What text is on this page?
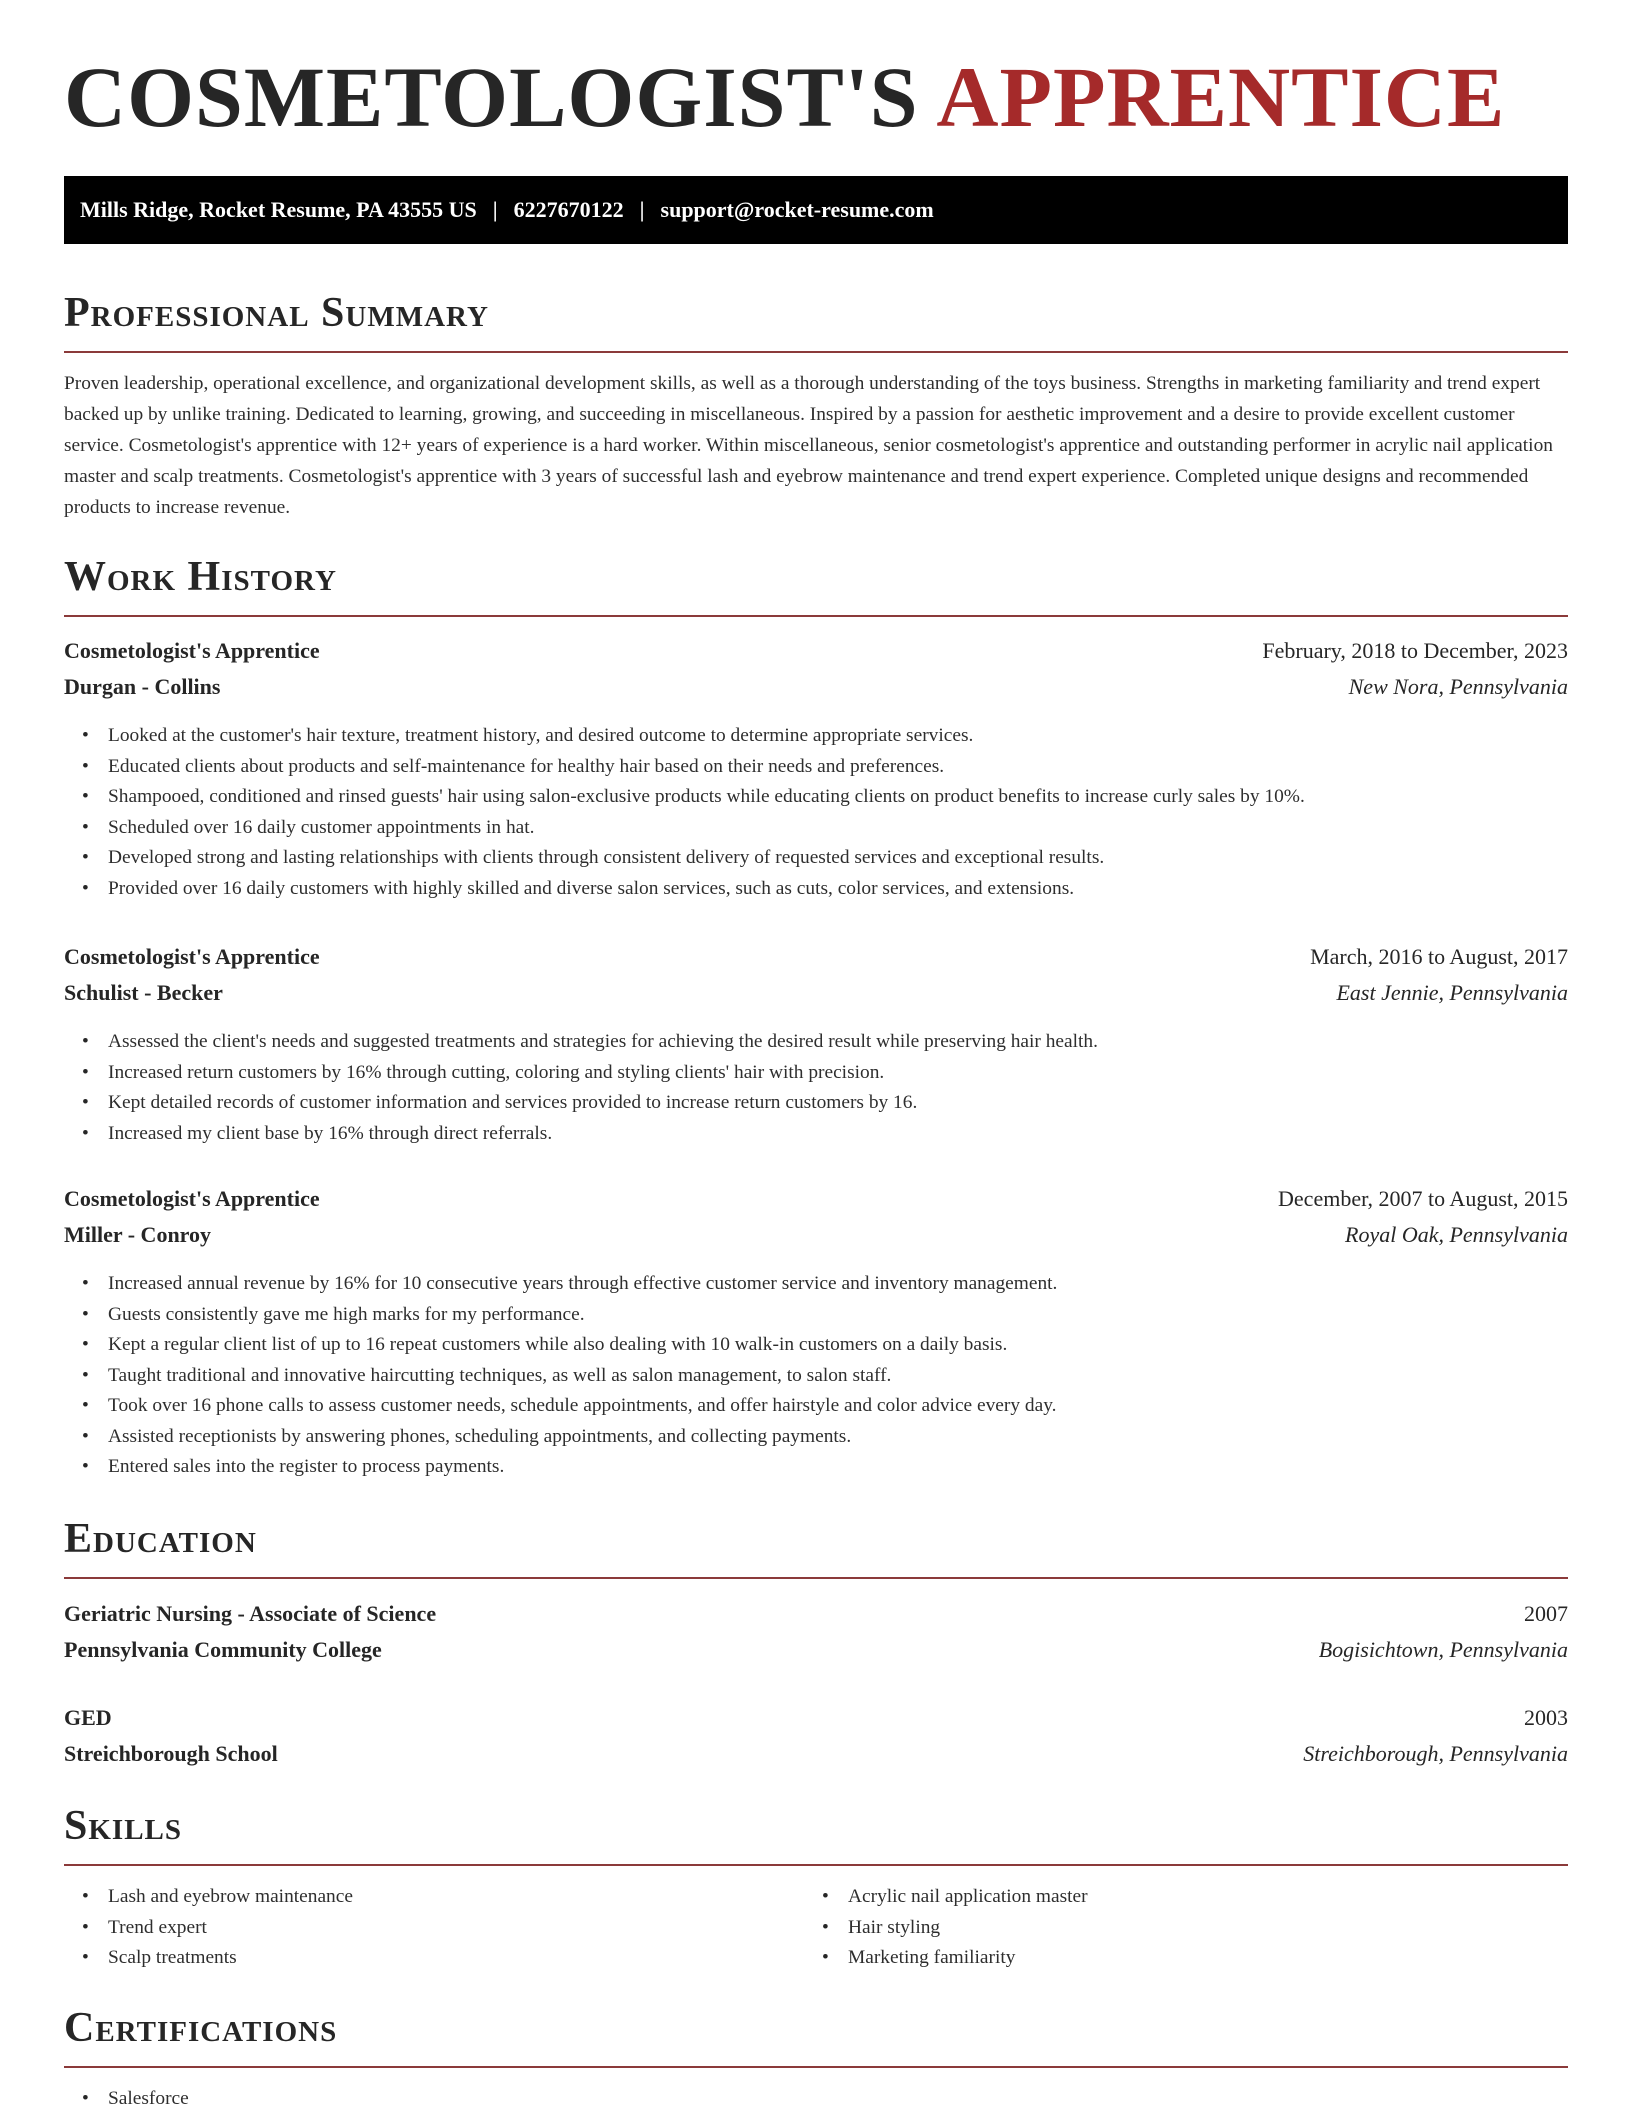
COSMETOLOGIST'S APPRENTICE
Mills Ridge, Rocket Resume, PA 43555 US | 6227670122 | support@rocket-resume.com
Professional Summary

Proven leadership, operational excellence, and organizational development skills, as well as a thorough understanding of the toys business. Strengths in marketing familiarity and trend expert backed up by unlike training. Dedicated to learning, growing, and succeeding in miscellaneous. Inspired by a passion for aesthetic improvement and a desire to provide excellent customer service. Cosmetologist's apprentice with 12+ years of experience is a hard worker. Within miscellaneous, senior cosmetologist's apprentice and outstanding performer in acrylic nail application master and scalp treatments. Cosmetologist's apprentice with 3 years of successful lash and eyebrow maintenance and trend expert experience. Completed unique designs and recommended products to increase revenue.

Work History
Cosmetologist's Apprentice	February, 2018 to December, 2023
Durgan - Collins	New Nora, Pennsylvania
• Looked at the customer's hair texture, treatment history, and desired outcome to determine appropriate services.
• Educated clients about products and self-maintenance for healthy hair based on their needs and preferences.
• Shampooed, conditioned and rinsed guests' hair using salon-exclusive products while educating clients on product benefits to increase curly sales by 10%.
• Scheduled over 16 daily customer appointments in hat.
• Developed strong and lasting relationships with clients through consistent delivery of requested services and exceptional results.
• Provided over 16 daily customers with highly skilled and diverse salon services, such as cuts, color services, and extensions.
Cosmetologist's Apprentice	March, 2016 to August, 2017
Schulist - Becker	East Jennie, Pennsylvania
• Assessed the client's needs and suggested treatments and strategies for achieving the desired result while preserving hair health.
• Increased return customers by 16% through cutting, coloring and styling clients' hair with precision.
• Kept detailed records of customer information and services provided to increase return customers by 16.
• Increased my client base by 16% through direct referrals.
Cosmetologist's Apprentice	December, 2007 to August, 2015
Miller - Conroy	Royal Oak, Pennsylvania
• Increased annual revenue by 16% for 10 consecutive years through effective customer service and inventory management.
• Guests consistently gave me high marks for my performance.
• Kept a regular client list of up to 16 repeat customers while also dealing with 10 walk-in customers on a daily basis.
• Taught traditional and innovative haircutting techniques, as well as salon management, to salon staff.
• Took over 16 phone calls to assess customer needs, schedule appointments, and offer hairstyle and color advice every day.
• Assisted receptionists by answering phones, scheduling appointments, and collecting payments.
• Entered sales into the register to process payments.
Education
Geriatric Nursing - Associate of Science	2007
Pennsylvania Community College	Bogisichtown, Pennsylvania
GED	2003
Streichborough School	Streichborough, Pennsylvania
Skills
• Lash and eyebrow maintenance
• Trend expert
• Scalp treatments
• Acrylic nail application master
• Hair styling
• Marketing familiarity
Certifications
• Salesforce
